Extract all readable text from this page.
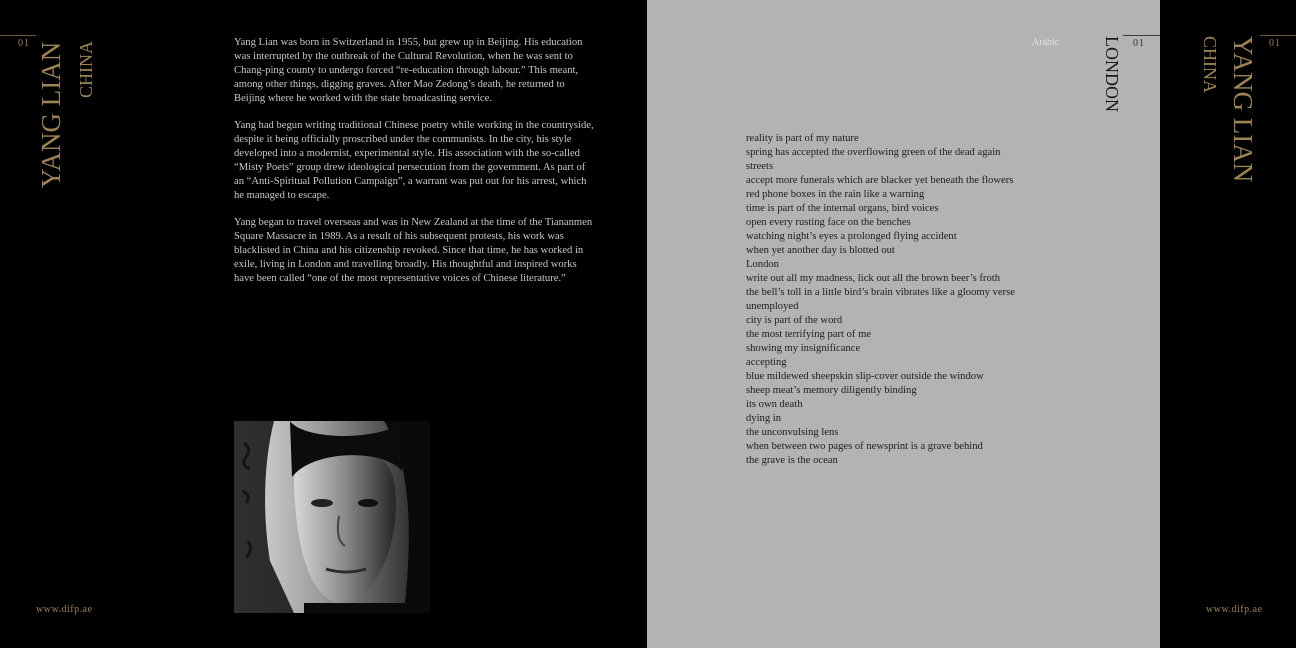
01 YANG LIAN CHINA	Yang Lian was born in Switzerland in 1955, but grew up in Beijing. His education was interrupted by the outbreak of the Cultural Revolution, when he was sent to Chang-ping county to undergo forced “re-education through labour.” This meant, among other things, digging graves. After Mao Zedong’s death, he returned to Beijing where he worked with the state broadcasting service.

Yang had begun writing traditional Chinese poetry while working in the countryside, despite it being officially proscribed under the communists. In the city, his style developed into a modernist, experimental style. His association with the so-called “Misty Poets” group drew ideological persecution from the government. As part of an “Anti-Spiritual Pollution Campaign”, a warrant was put out for his arrest, which he managed to escape.

Yang began to travel overseas and was in New Zealand at the time of the Tiananmen Square Massacre in 1989. As a result of his subsequent protests, his work was blacklisted in China and his citizenship revoked. Since that time, he has worked in exile, living in London and travelling broadly. His thoughtful and inspired works have been called “one of the most representative voices of Chinese literature.”

www.difp.ae
01
LONDON
Arabic
reality is part of my nature
spring has accepted the overflowing green of the dead again
streets
accept more funerals which are blacker yet beneath the flowers
red phone boxes in the rain like a warning
time is part of the internal organs, bird voices
open every rusting face on the benches
watching night’s eyes a prolonged flying accident
when yet another day is blotted out
London
write out all my madness, lick out all the brown beer’s froth
the bell’s toll in a little bird’s brain vibrates like a gloomy verse
unemployed
city is part of the word
the most terrifying part of me
showing my insignificance
accepting
blue mildewed sheepskin slip-cover outside the window
sheep meat’s memory diligently binding
its own death
dying in
the unconvulsing lens
when between two pages of newsprint is a grave behind
the grave is the ocean
01
YANG LIAN
CHINA
www.difp.ae
